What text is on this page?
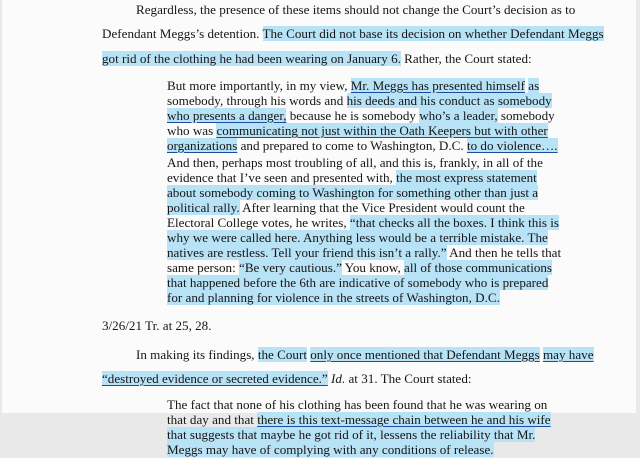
Regardless, the presence of these items should not change the Court’s decision as to
Defendant Meggs’s detention. The Court did not base its decision on whether Defendant Meggs
got rid of the clothing he had been wearing on January 6. Rather, the Court stated:
But more importantly, in my view, Mr. Meggs has presented himself as
somebody, through his words and his deeds and his conduct as somebody
who presents a danger, because he is somebody who’s a leader, somebody
who was communicating not just within the Oath Keepers but with other
organizations and prepared to come to Washington, D.C. to do violence….
And then, perhaps most troubling of all, and this is, frankly, in all of the
evidence that I’ve seen and presented with, the most express statement
about somebody coming to Washington for something other than just a
political rally. After learning that the Vice President would count the
Electoral College votes, he writes, “that checks all the boxes. I think this is
why we were called here. Anything less would be a terrible mistake. The
natives are restless. Tell your friend this isn’t a rally.” And then he tells that
same person: “Be very cautious.” You know, all of those communications
that happened before the 6th are indicative of somebody who is prepared
for and planning for violence in the streets of Washington, D.C.
3/26/21 Tr. at 25, 28.
In making its findings, the Court only once mentioned that Defendant Meggs may have
“destroyed evidence or secreted evidence.” Id. at 31. The Court stated:
The fact that none of his clothing has been found that he was wearing on
that day and that there is this text-message chain between he and his wife
that suggests that maybe he got rid of it, lessens the reliability that Mr.
Meggs may have of complying with any conditions of release.
